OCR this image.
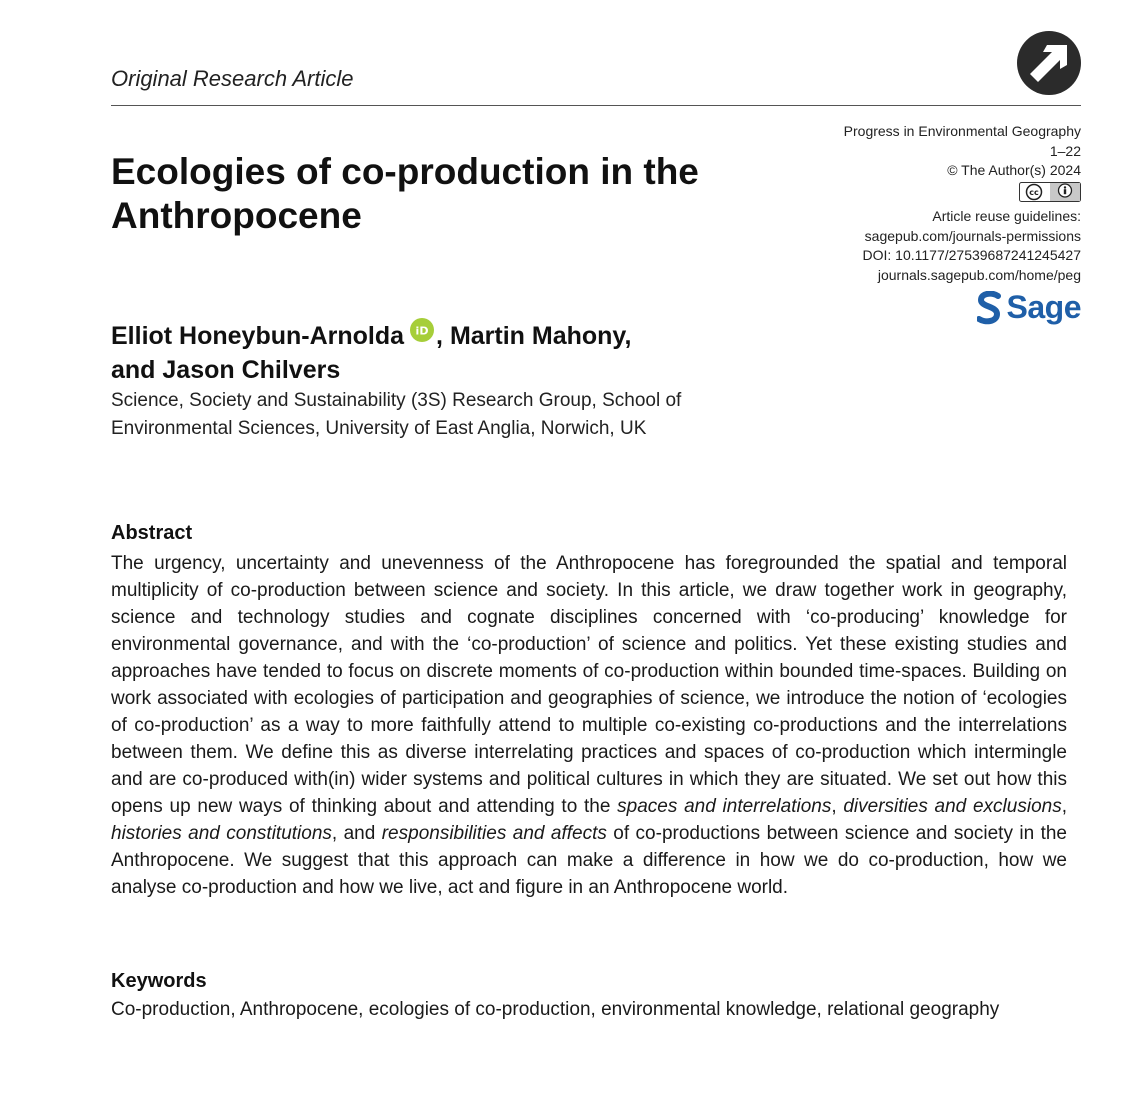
Original Research Article
Progress in Environmental Geography
1–22
© The Author(s) 2024
cc
Article reuse guidelines:
sagepub.com/journals-permissions
DOI: 10.1177/27539687241245427
journals.sagepub.com/home/peg
Sage
Ecologies of co-production in the Anthropocene

Elliot Honeybun-Arnolda iD , Martin Mahony,
and Jason Chilvers

Science, Society and Sustainability (3S) Research Group, School of Environmental Sciences, University of East Anglia, Norwich, UK
Abstract

The urgency, uncertainty and unevenness of the Anthropocene has foregrounded the spatial and temporal multiplicity of co-production between science and society. In this article, we draw together work in geography, science and technology studies and cognate disciplines concerned with ‘co-producing’ knowledge for environmental governance, and with the ‘co-production’ of science and politics. Yet these existing studies and approaches have tended to focus on discrete moments of co-production within bounded time-spaces. Building on work associated with ecologies of participation and geographies of science, we introduce the notion of ‘ecologies of co-production’ as a way to more faithfully attend to multiple co-existing co-productions and the interrelations between them. We define this as diverse interrelating practices and spaces of co-production which intermingle and are co-produced with(in) wider systems and political cultures in which they are situated. We set out how this opens up new ways of thinking about and attending to the spaces and interrelations, diversities and exclusions, histories and constitutions, and responsibilities and affects of co-productions between science and society in the Anthropocene. We suggest that this approach can make a difference in how we do co-production, how we analyse co-production and how we live, act and figure in an Anthropocene world.

Keywords

Co-production, Anthropocene, ecologies of co-production, environmental knowledge, relational geography
